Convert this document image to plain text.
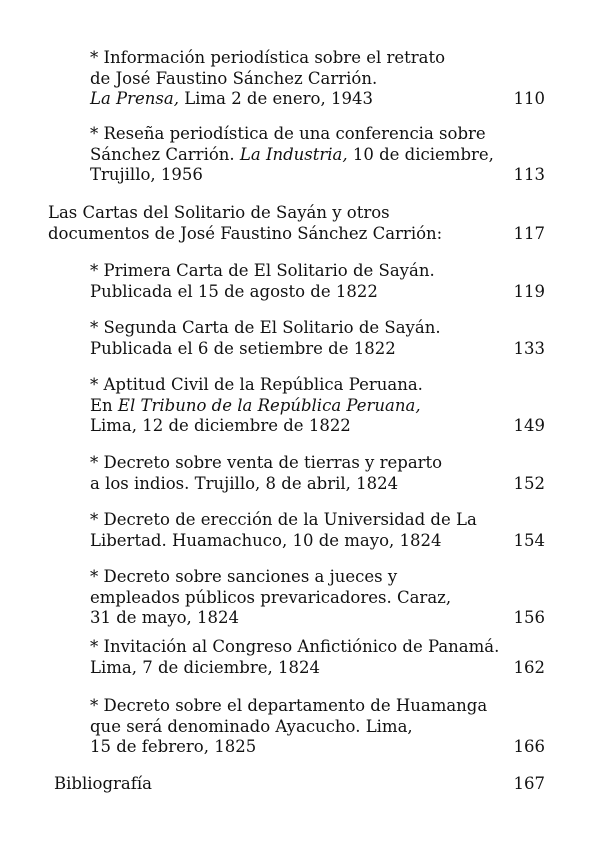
* Información periodística sobre el retrato
de José Faustino Sánchez Carrión.
La Prensa, Lima 2 de enero, 1943	110
* Reseña periodística de una conferencia sobre
Sánchez Carrión. La Industria, 10 de diciembre,
Trujillo, 1956	113
Las Cartas del Solitario de Sayán y otros
documentos de José Faustino Sánchez Carrión:	117
* Primera Carta de El Solitario de Sayán.
Publicada el 15 de agosto de 1822	119
* Segunda Carta de El Solitario de Sayán.
Publicada el 6 de setiembre de 1822	133
* Aptitud Civil de la República Peruana.
En El Tribuno de la República Peruana,
Lima, 12 de diciembre de 1822	149
* Decreto sobre venta de tierras y reparto
a los indios. Trujillo, 8 de abril, 1824	152
* Decreto de erección de la Universidad de La
Libertad. Huamachuco, 10 de mayo, 1824	154
* Decreto sobre sanciones a jueces y
empleados públicos prevaricadores. Caraz,
31 de mayo, 1824	156
* Invitación al Congreso Anfictiónico de Panamá.
Lima, 7 de diciembre, 1824	162
* Decreto sobre el departamento de Huamanga
que será denominado Ayacucho. Lima,
15 de febrero, 1825	166
Bibliografía	167
